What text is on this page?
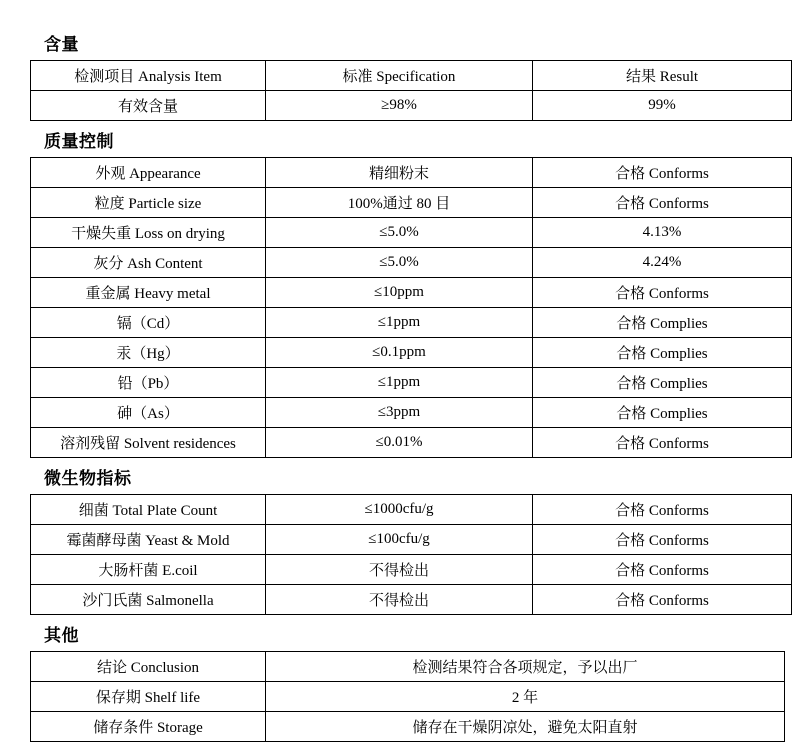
含量
检测项目 Analysis Item	标准 Specification	结果 Result
有效含量	≥98%	99%
质量控制
外观 Appearance	精细粉末	合格 Conforms
粒度 Particle size	100%通过 80 目	合格 Conforms
干燥失重 Loss on drying	≤5.0%	4.13%
灰分 Ash Content	≤5.0%	4.24%
重金属 Heavy metal	≤10ppm	合格 Conforms
镉（Cd）	≤1ppm	合格 Complies
汞（Hg）	≤0.1ppm	合格 Complies
铅（Pb）	≤1ppm	合格 Complies
砷（As）	≤3ppm	合格 Complies
溶剂残留 Solvent residences	≤0.01%	合格 Conforms
微生物指标
细菌 Total Plate Count	≤1000cfu/g	合格 Conforms
霉菌酵母菌 Yeast & Mold	≤100cfu/g	合格 Conforms
大肠杆菌 E.coil	不得检出	合格 Conforms
沙门氏菌 Salmonella	不得检出	合格 Conforms
其他
结论 Conclusion	检测结果符合各项规定，予以出厂
保存期 Shelf life	2 年
储存条件 Storage	储存在干燥阴凉处，避免太阳直射
